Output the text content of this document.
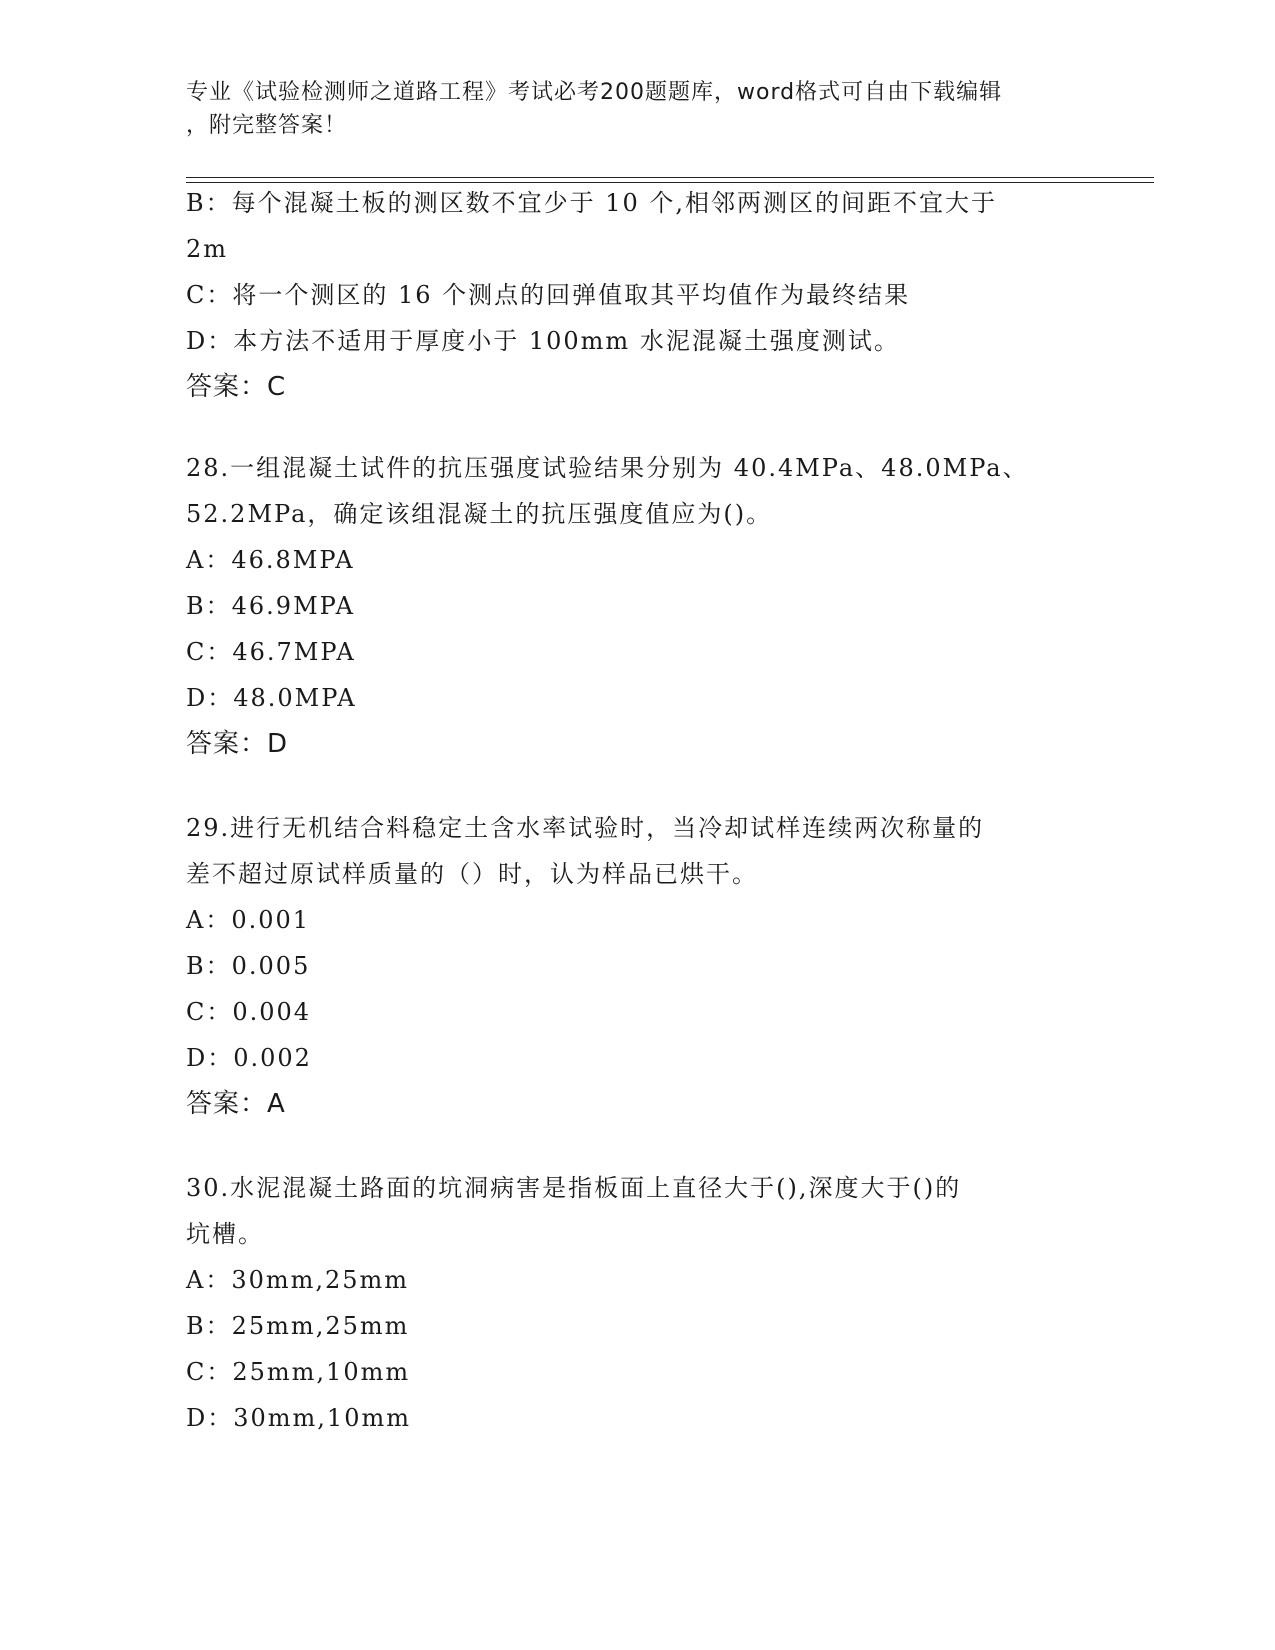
专业《试验检测师之道路工程》考试必考200题题库，word格式可自由下载编辑
，附完整答案！
B：每个混凝土板的测区数不宜少于 10 个,相邻两测区的间距不宜大于
2m
C：将一个测区的 16 个测点的回弹值取其平均值作为最终结果
D：本方法不适用于厚度小于 100mm 水泥混凝土强度测试。
答案：C
28.一组混凝土试件的抗压强度试验结果分别为 40.4MPa、48.0MPa、
52.2MPa，确定该组混凝土的抗压强度值应为()。
A：46.8MPA
B：46.9MPA
C：46.7MPA
D：48.0MPA
答案：D
29.进行无机结合料稳定土含水率试验时，当冷却试样连续两次称量的
差不超过原试样质量的（）时，认为样品已烘干。
A：0.001
B：0.005
C：0.004
D：0.002
答案：A
30.水泥混凝土路面的坑洞病害是指板面上直径大于(),深度大于()的
坑槽。
A：30mm,25mm
B：25mm,25mm
C：25mm,10mm
D：30mm,10mm
